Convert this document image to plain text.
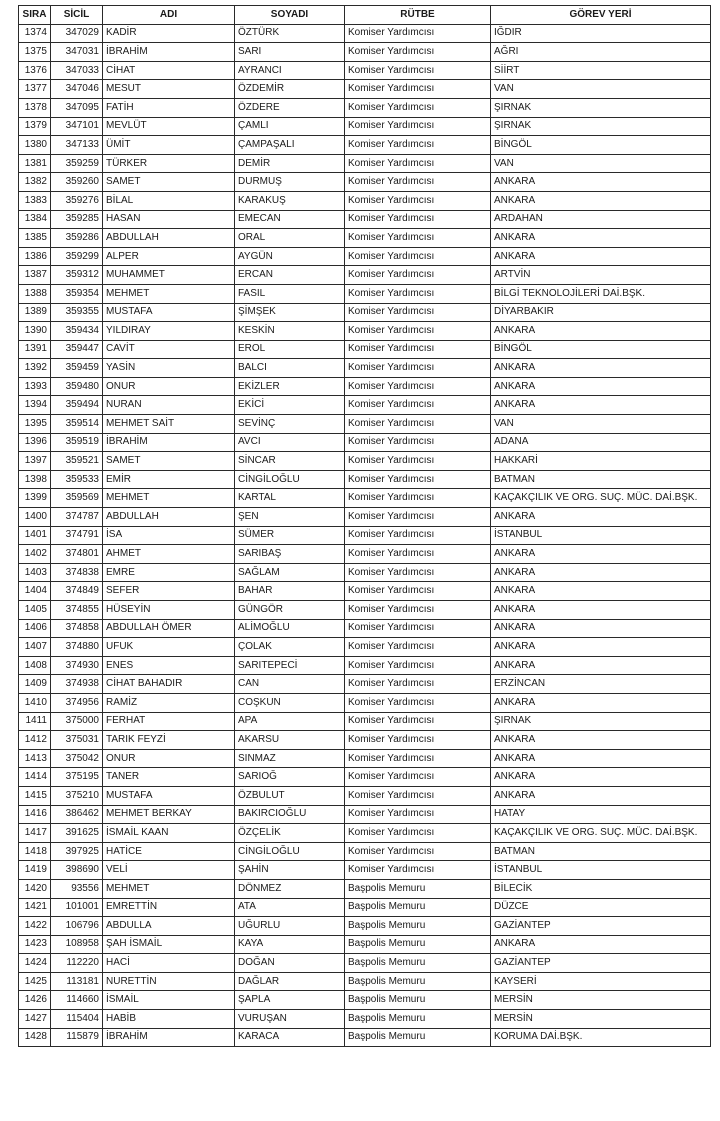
SIRA	SİCİL	ADI	SOYADI	RÜTBE	GÖREV YERİ
1374	347029	KADİR	ÖZTÜRK	Komiser Yardımcısı	IĞDIR
1375	347031	İBRAHİM	SARI	Komiser Yardımcısı	AĞRI
1376	347033	CİHAT	AYRANCI	Komiser Yardımcısı	SİİRT
1377	347046	MESUT	ÖZDEMİR	Komiser Yardımcısı	VAN
1378	347095	FATİH	ÖZDERE	Komiser Yardımcısı	ŞIRNAK
1379	347101	MEVLÜT	ÇAMLI	Komiser Yardımcısı	ŞIRNAK
1380	347133	ÜMİT	ÇAMPAŞALI	Komiser Yardımcısı	BİNGÖL
1381	359259	TÜRKER	DEMİR	Komiser Yardımcısı	VAN
1382	359260	SAMET	DURMUŞ	Komiser Yardımcısı	ANKARA
1383	359276	BİLAL	KARAKUŞ	Komiser Yardımcısı	ANKARA
1384	359285	HASAN	EMECAN	Komiser Yardımcısı	ARDAHAN
1385	359286	ABDULLAH	ORAL	Komiser Yardımcısı	ANKARA
1386	359299	ALPER	AYGÜN	Komiser Yardımcısı	ANKARA
1387	359312	MUHAMMET	ERCAN	Komiser Yardımcısı	ARTVİN
1388	359354	MEHMET	FASIL	Komiser Yardımcısı	BİLGİ TEKNOLOJİLERİ DAİ.BŞK.
1389	359355	MUSTAFA	ŞİMŞEK	Komiser Yardımcısı	DİYARBAKIR
1390	359434	YILDIRAY	KESKİN	Komiser Yardımcısı	ANKARA
1391	359447	CAVİT	EROL	Komiser Yardımcısı	BİNGÖL
1392	359459	YASİN	BALCI	Komiser Yardımcısı	ANKARA
1393	359480	ONUR	EKİZLER	Komiser Yardımcısı	ANKARA
1394	359494	NURAN	EKİCİ	Komiser Yardımcısı	ANKARA
1395	359514	MEHMET SAİT	SEVİNÇ	Komiser Yardımcısı	VAN
1396	359519	İBRAHİM	AVCI	Komiser Yardımcısı	ADANA
1397	359521	SAMET	SİNCAR	Komiser Yardımcısı	HAKKARİ
1398	359533	EMİR	CİNGİLOĞLU	Komiser Yardımcısı	BATMAN
1399	359569	MEHMET	KARTAL	Komiser Yardımcısı	KAÇAKÇILIK VE ORG. SUÇ. MÜC. DAİ.BŞK.
1400	374787	ABDULLAH	ŞEN	Komiser Yardımcısı	ANKARA
1401	374791	İSA	SÜMER	Komiser Yardımcısı	İSTANBUL
1402	374801	AHMET	SARIBAŞ	Komiser Yardımcısı	ANKARA
1403	374838	EMRE	SAĞLAM	Komiser Yardımcısı	ANKARA
1404	374849	SEFER	BAHAR	Komiser Yardımcısı	ANKARA
1405	374855	HÜSEYİN	GÜNGÖR	Komiser Yardımcısı	ANKARA
1406	374858	ABDULLAH ÖMER	ALİMOĞLU	Komiser Yardımcısı	ANKARA
1407	374880	UFUK	ÇOLAK	Komiser Yardımcısı	ANKARA
1408	374930	ENES	SARITEPECİ	Komiser Yardımcısı	ANKARA
1409	374938	CİHAT BAHADIR	CAN	Komiser Yardımcısı	ERZİNCAN
1410	374956	RAMİZ	COŞKUN	Komiser Yardımcısı	ANKARA
1411	375000	FERHAT	APA	Komiser Yardımcısı	ŞIRNAK
1412	375031	TARIK FEYZİ	AKARSU	Komiser Yardımcısı	ANKARA
1413	375042	ONUR	SINMAZ	Komiser Yardımcısı	ANKARA
1414	375195	TANER	SARIOĞ	Komiser Yardımcısı	ANKARA
1415	375210	MUSTAFA	ÖZBULUT	Komiser Yardımcısı	ANKARA
1416	386462	MEHMET BERKAY	BAKIRCIOĞLU	Komiser Yardımcısı	HATAY
1417	391625	İSMAİL KAAN	ÖZÇELİK	Komiser Yardımcısı	KAÇAKÇILIK VE ORG. SUÇ. MÜC. DAİ.BŞK.
1418	397925	HATİCE	CİNGİLOĞLU	Komiser Yardımcısı	BATMAN
1419	398690	VELİ	ŞAHİN	Komiser Yardımcısı	İSTANBUL
1420	93556	MEHMET	DÖNMEZ	Başpolis Memuru	BİLECİK
1421	101001	EMRETTİN	ATA	Başpolis Memuru	DÜZCE
1422	106796	ABDULLA	UĞURLU	Başpolis Memuru	GAZİANTEP
1423	108958	ŞAH İSMAİL	KAYA	Başpolis Memuru	ANKARA
1424	112220	HACİ	DOĞAN	Başpolis Memuru	GAZİANTEP
1425	113181	NURETTİN	DAĞLAR	Başpolis Memuru	KAYSERİ
1426	114660	İSMAİL	ŞAPLA	Başpolis Memuru	MERSİN
1427	115404	HABİB	VURUŞAN	Başpolis Memuru	MERSİN
1428	115879	İBRAHİM	KARACA	Başpolis Memuru	KORUMA DAİ.BŞK.
